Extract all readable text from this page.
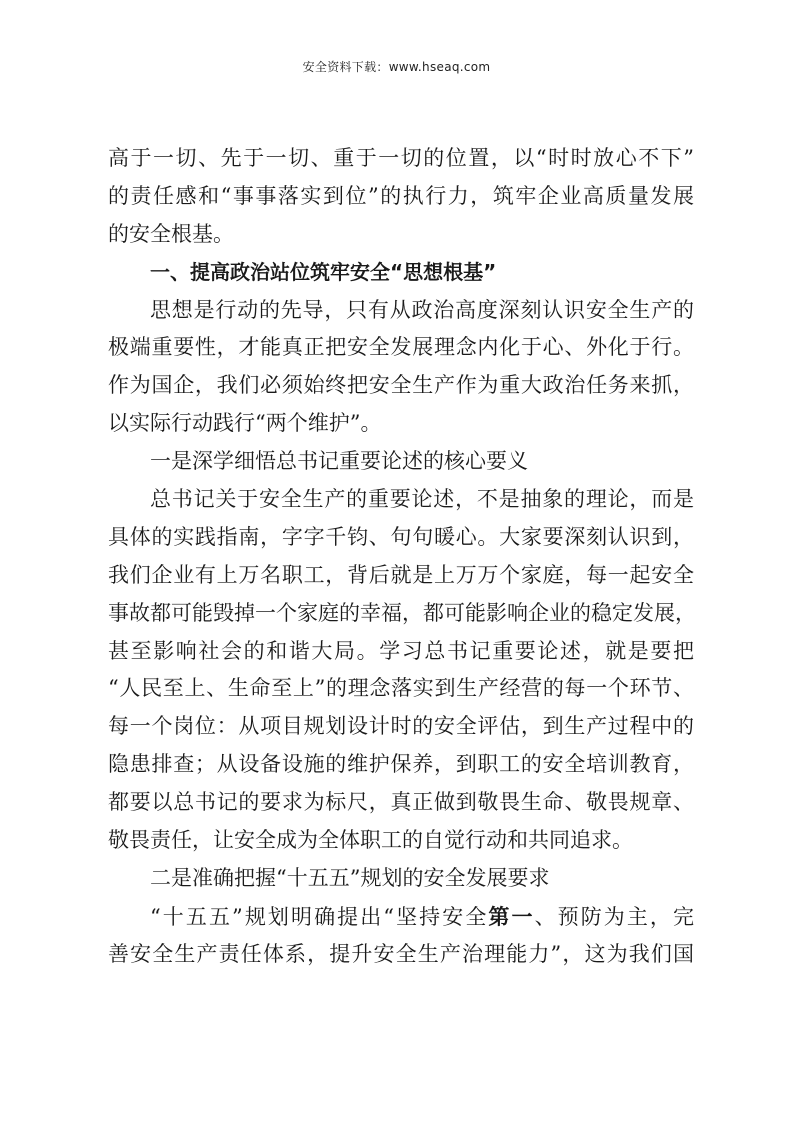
安全资料下载：www.hseaq.com
高于一切、先于一切、重于一切的位置，以“时时放心不下”
的责任感和“事事落实到位”的执行力，筑牢企业高质量发展
的安全根基。
一、提高政治站位筑牢安全“思想根基”
思想是行动的先导，只有从政治高度深刻认识安全生产的
极端重要性，才能真正把安全发展理念内化于心、外化于行。
作为国企，我们必须始终把安全生产作为重大政治任务来抓，
以实际行动践行“两个维护”。
一是深学细悟总书记重要论述的核心要义
总书记关于安全生产的重要论述，不是抽象的理论，而是
具体的实践指南，字字千钧、句句暖心。大家要深刻认识到，
我们企业有上万名职工，背后就是上万万个家庭，每一起安全
事故都可能毁掉一个家庭的幸福，都可能影响企业的稳定发展，
甚至影响社会的和谐大局。学习总书记重要论述，就是要把
“人民至上、生命至上”的理念落实到生产经营的每一个环节、
每一个岗位：从项目规划设计时的安全评估，到生产过程中的
隐患排查；从设备设施的维护保养，到职工的安全培训教育，
都要以总书记的要求为标尺，真正做到敬畏生命、敬畏规章、
敬畏责任，让安全成为全体职工的自觉行动和共同追求。
二是准确把握“十五五”规划的安全发展要求
“十五五”规划明确提出“坚持安全第一、预防为主，完
善安全生产责任体系，提升安全生产治理能力”，这为我们国
